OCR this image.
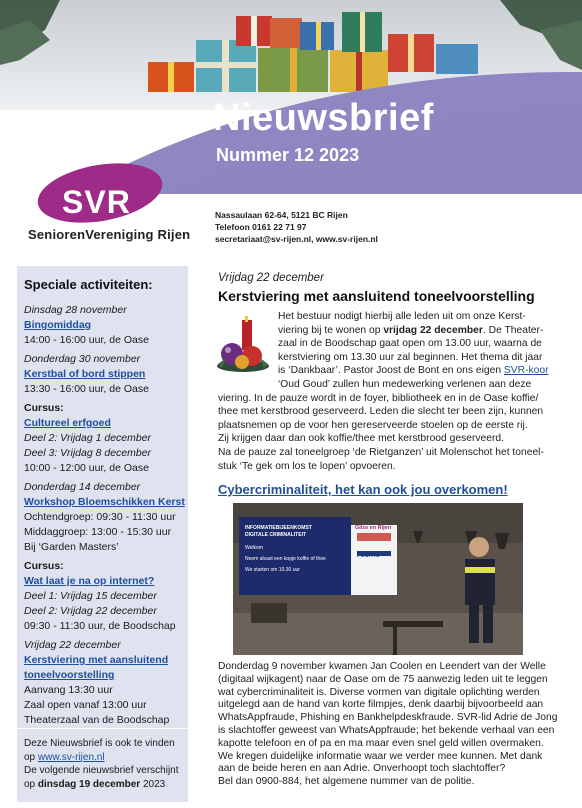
Nieuwsbrief
Nummer 12 2023
SVR
SeniorenVereniging Rijen
Nassaulaan 62-64, 5121 BC Rijen
Telefoon 0161 22 71 97
secretariaat@sv-rijen.nl, www.sv-rijen.nl
Speciale activiteiten:
Dinsdag 28 november
Bingomiddag
14:00 - 16:00 uur, de Oase
Donderdag 30 november
Kerstbal of bord stippen
13:30 - 16:00 uur, de Oase
Cursus:
Cultureel erfgoed
Deel 2: Vrijdag 1 december
Deel 3: Vrijdag 8 december
10:00 - 12:00 uur, de Oase
Donderdag 14 december
Workshop Bloemschikken Kerst
Ochtendgroep: 09:30 - 11:30 uur
Middaggroep: 13:00 - 15:30 uur
Bij ‘Garden Masters’
Cursus:
Wat laat je na op internet?
Deel 1: Vrijdag 15 december
Deel 2: Vrijdag 22 december
09:30 - 11:30 uur, de Boodschap
Vrijdag 22 december
Kerstviering met aansluitend
toneelvoorstelling
Aanvang 13:30 uur
Zaal open vanaf 13:00 uur
Theaterzaal van de Boodschap
Deze Nieuwsbrief is ook te vinden
op www.sv-rijen.nl
De volgende nieuwsbrief verschijnt
op dinsdag 19 december 2023
Vrijdag 22 december
Kerstviering met aansluitend toneelvoorstelling
Het bestuur nodigt hierbij alle leden uit om onze Kerst-
viering bij te wonen op vrijdag 22 december. De Theater-
zaal in de Boodschap gaat open om 13.00 uur, waarna de
kerstviering om 13.30 uur zal beginnen. Het thema dit jaar
is ‘Dankbaar’. Pastor Joost de Bont en ons eigen SVR-koor
‘Oud Goud’ zullen hun medewerking verlenen aan deze
viering. In de pauze wordt in de foyer, bibliotheek en in de Oase koffie/
thee met kerstbrood geserveerd. Leden die slecht ter been zijn, kunnen
plaatsnemen op de voor hen gereserveerde stoelen op de eerste rij.
Zij krijgen daar dan ook koffie/thee met kerstbrood geserveerd.
Na de pauze zal toneelgroep ‘de Rietganzen’ uit Molenschot het toneel-
stuk ‘Te gek om los te lopen’ opvoeren.
Cybercriminaliteit, het kan ook jou overkomen!
INFORMATIEBIJEENKOMST
DIGITALE CRIMINALITEIT
Welkom
Neem alvast een kopje koffie of thee
We starten om 10.30 uur
Gilze en Rijen
POLITIE
Donderdag 9 november kwamen Jan Coolen en Leendert van der Welle
(digitaal wijkagent) naar de Oase om de 75 aanwezig leden uit te leggen
wat cybercriminaliteit is. Diverse vormen van digitale oplichting werden
uitgelegd aan de hand van korte filmpjes, denk daarbij bijvoorbeeld aan
WhatsAppfraude, Phishing en Bankhelpdeskfraude. SVR-lid Adrie de Jong
is slachtoffer geweest van WhatsAppfraude; het bekende verhaal van een
kapotte telefoon en of pa en ma maar even snel geld willen overmaken.
We kregen duidelijke informatie waar we verder mee kunnen. Met dank
aan de beide heren en aan Adrie. Onverhoopt toch slachtoffer?
Bel dan 0900-884, het algemene nummer van de politie.
